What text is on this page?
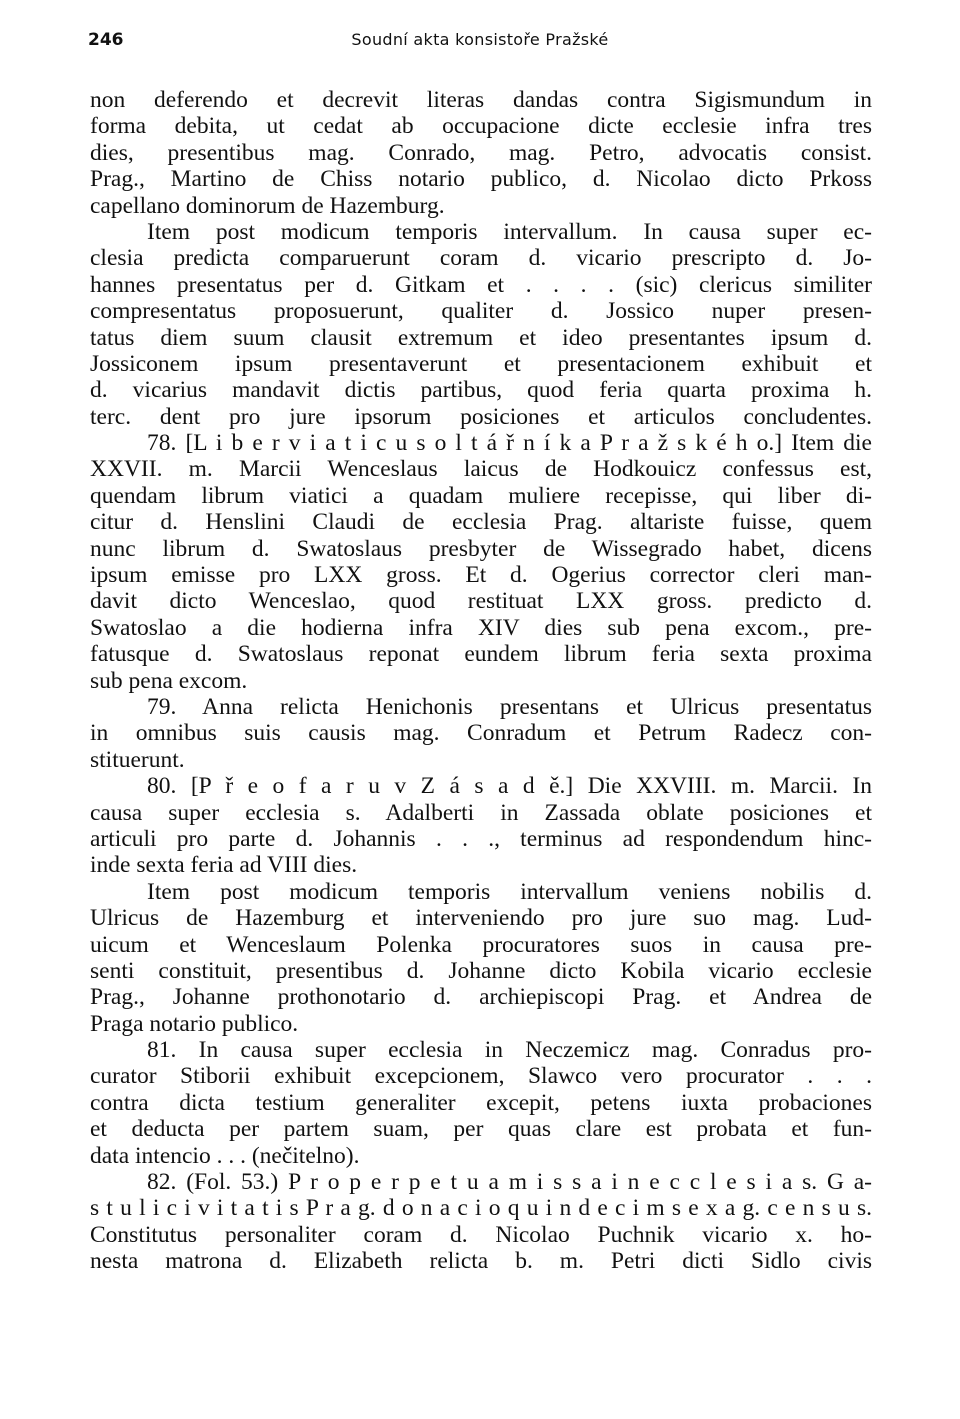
246	Soudní akta konsistoře Pražské
non deferendo et decrevit literas dandas contra Sigismundum in
forma debita, ut cedat ab occupacione dicte ecclesie infra tres
dies, presentibus mag. Conrado, mag. Petro, advocatis consist.
Prag., Martino de Chiss notario publico, d. Nicolao dicto Prkoss
capellano dominorum de Hazemburg.
Item post modicum temporis intervallum. In causa super ec-
clesia predicta comparuerunt coram d. vicario prescripto d. Jo-
hannes presentatus per d. Gitkam et . . . . (sic) clericus similiter
compresentatus proposuerunt, qualiter d. Jossico nuper presen-
tatus diem suum clausit extremum et ideo presentantes ipsum d.
Jossiconem ipsum presentaverunt et presentacionem exhibuit et
d. vicarius mandavit dictis partibus, quod feria quarta proxima h.
terc. dent pro jure ipsorum posiciones et articulos concludentes.
78. [L i b e r v i a t i c u s o l t á ř n í k a P r a ž s k é h o.] Item die
XXVII. m. Marcii Wenceslaus laicus de Hodkouicz confessus est,
quendam librum viatici a quadam muliere recepisse, qui liber di-
citur d. Henslini Claudi de ecclesia Prag. altariste fuisse, quem
nunc librum d. Swatoslaus presbyter de Wissegrado habet, dicens
ipsum emisse pro LXX gross. Et d. Ogerius corrector cleri man-
davit dicto Wenceslao, quod restituat LXX gross. predicto d.
Swatoslao a die hodierna infra XIV dies sub pena excom., pre-
fatusque d. Swatoslaus reponat eundem librum feria sexta proxima
sub pena excom.
79. Anna relicta Henichonis presentans et Ulricus presentatus
in omnibus suis causis mag. Conradum et Petrum Radecz con-
stituerunt.
80. [P ř e o f a r u v Z á s a d ě.] Die XXVIII. m. Marcii. In
causa super ecclesia s. Adalberti in Zassada oblate posiciones et
articuli pro parte d. Johannis . . ., terminus ad respondendum hinc-
inde sexta feria ad VIII dies.
Item post modicum temporis intervallum veniens nobilis d.
Ulricus de Hazemburg et interveniendo pro jure suo mag. Lud-
uicum et Wenceslaum Polenka procuratores suos in causa pre-
senti constituit, presentibus d. Johanne dicto Kobila vicario ecclesie
Prag., Johanne prothonotario d. archiepiscopi Prag. et Andrea de
Praga notario publico.
81. In causa super ecclesia in Neczemicz mag. Conradus pro-
curator Stiborii exhibuit excepcionem, Slawco vero procurator . . .
contra dicta testium generaliter excepit, petens iuxta probaciones
et deducta per partem suam, per quas clare est probata et fun-
data intencio . . . (nečitelno).
82. (Fol. 53.) P r o p e r p e t u a m i s s a i n e c c l e s i a s. G a-
s t u l i c i v i t a t i s P r a g. d o n a c i o q u i n d e c i m s e x a g. c e n s u s.
Constitutus personaliter coram d. Nicolao Puchnik vicario x. ho-
nesta matrona d. Elizabeth relicta b. m. Petri dicti Sidlo civis
